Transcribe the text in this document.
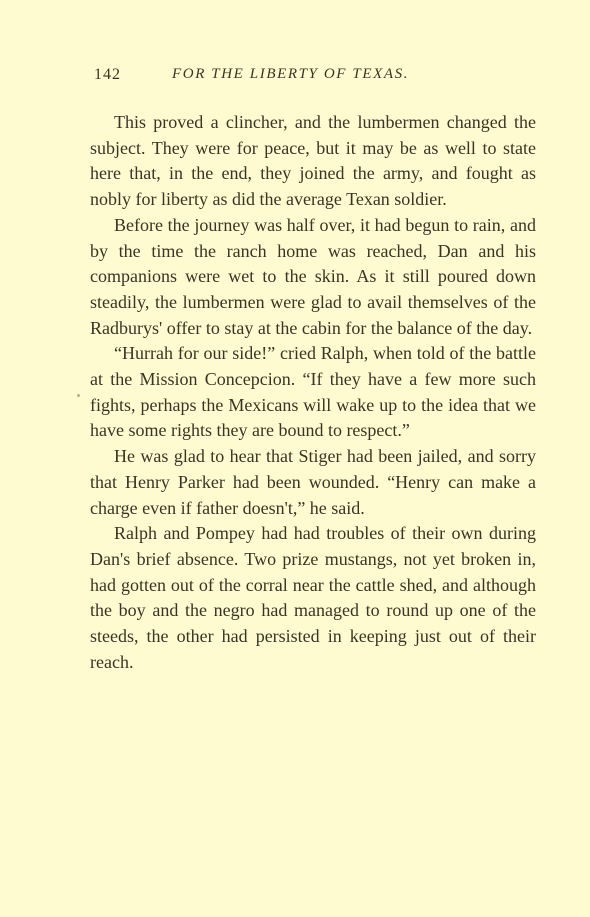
142	FOR THE LIBERTY OF TEXAS.

This proved a clincher, and the lumbermen changed the subject. They were for peace, but it may be as well to state here that, in the end, they joined the army, and fought as nobly for liberty as did the average Texan soldier.

Before the journey was half over, it had begun to rain, and by the time the ranch home was reached, Dan and his companions were wet to the skin. As it still poured down steadily, the lumbermen were glad to avail themselves of the Radburys' offer to stay at the cabin for the balance of the day.

“Hurrah for our side!” cried Ralph, when told of the battle at the Mission Concepcion. “If they have a few more such fights, perhaps the Mexicans will wake up to the idea that we have some rights they are bound to respect.”

He was glad to hear that Stiger had been jailed, and sorry that Henry Parker had been wounded. “Henry can make a charge even if father doesn't,” he said.

Ralph and Pompey had had troubles of their own during Dan's brief absence. Two prize mustangs, not yet broken in, had gotten out of the corral near the cattle shed, and although the boy and the negro had managed to round up one of the steeds, the other had persisted in keeping just out of their reach.
